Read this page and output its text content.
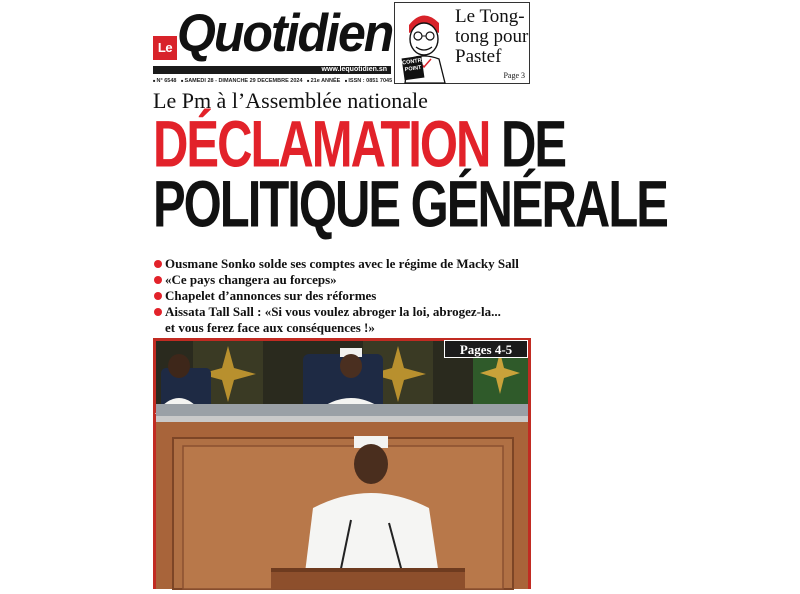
Le Quotidien
www.lequotidien.sn
■ N° 6548 ■ SAMEDI 28 - DIMANCHE 29 DECEMBRE 2024 ■ 21e ANNÉE ■ ISSN : 0851 7045 ■
CONTRE POINT
Le Tong-tong pour Pastef
Page 3
Le Pm à l’Assemblée nationale
DÉCLAMATION DE
POLITIQUE GÉNÉRALE
Ousmane Sonko solde ses comptes avec le régime de Macky Sall
«Ce pays changera au forceps»
Chapelet d’annonces sur des réformes
Aissata Tall Sall : «Si vous voulez abroger la loi, abrogez-la...
et vous ferez face aux conséquences !»
Pages 4-5
